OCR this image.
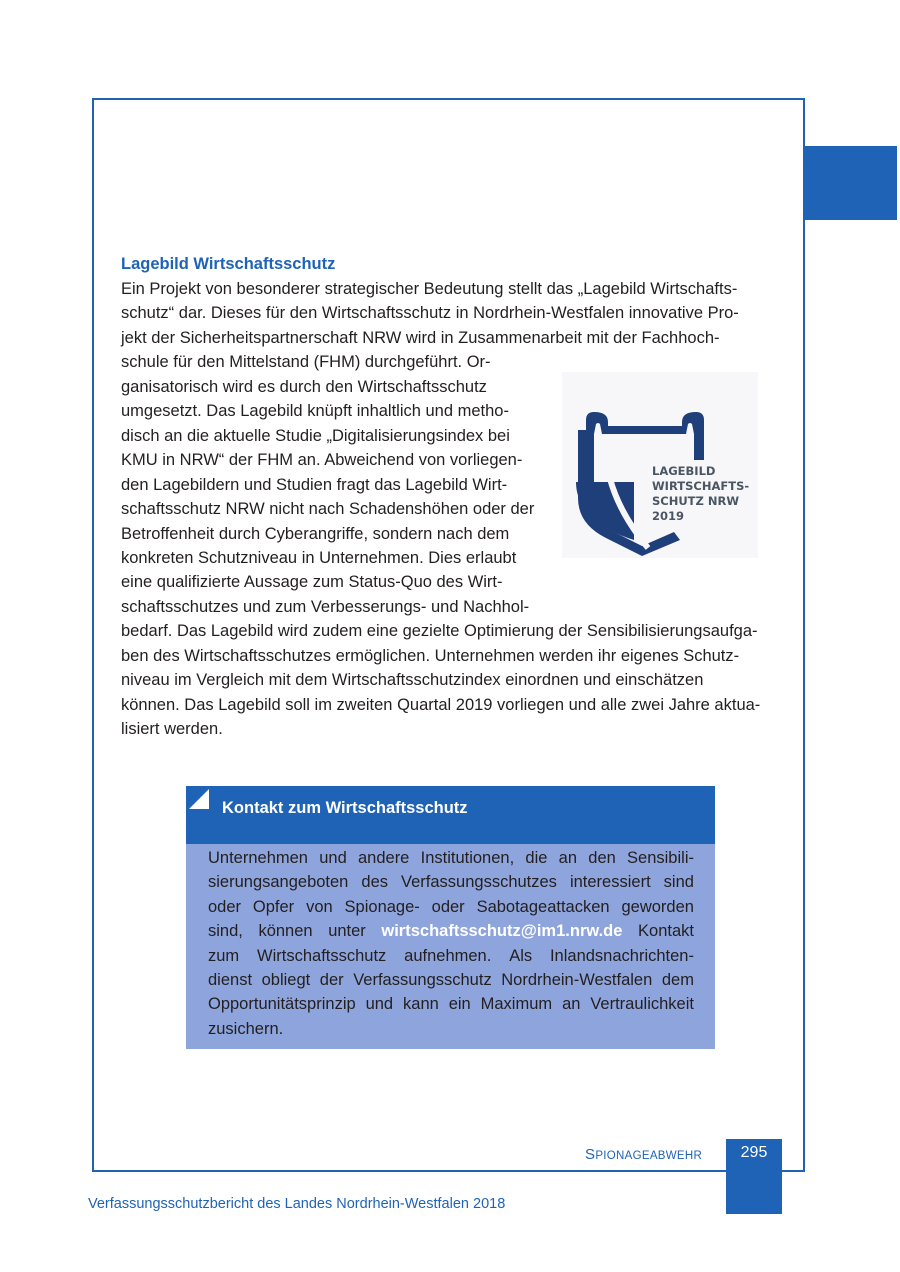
Lagebild Wirtschaftsschutz
Ein Projekt von besonderer strategischer Bedeutung stellt das „Lagebild Wirtschafts-
schutz“ dar. Dieses für den Wirtschaftsschutz in Nordrhein-Westfalen innovative Pro-
jekt der Sicherheitspartnerschaft NRW wird in Zusammenarbeit mit der Fachhoch-
schule für den Mittelstand (FHM) durchgeführt. Or-
ganisatorisch wird es durch den Wirtschaftsschutz
umgesetzt. Das Lagebild knüpft inhaltlich und metho-
disch an die aktuelle Studie „Digitalisierungsindex bei
KMU in NRW“ der FHM an. Abweichend von vorliegen-
den Lagebildern und Studien fragt das Lagebild Wirt-
schaftsschutz NRW nicht nach Schadenshöhen oder der
Betroffenheit durch Cyberangriffe, sondern nach dem
konkreten Schutzniveau in Unternehmen. Dies erlaubt
eine qualifizierte Aussage zum Status-Quo des Wirt-
schaftsschutzes und zum Verbesserungs- und Nachhol-
bedarf. Das Lagebild wird zudem eine gezielte Optimierung der Sensibilisierungsaufga-
ben des Wirtschaftsschutzes ermöglichen. Unternehmen werden ihr eigenes Schutz-
niveau im Vergleich mit dem Wirtschaftsschutzindex einordnen und einschätzen
können. Das Lagebild soll im zweiten Quartal 2019 vorliegen und alle zwei Jahre aktua-
lisiert werden.
LAGEBILD
WIRTSCHAFTS-
SCHUTZ NRW
2019
Kontakt zum Wirtschaftsschutz
Unternehmen und andere Institutionen, die an den Sensibili-
sierungsangeboten des Verfassungsschutzes interessiert sind
oder Opfer von Spionage- oder Sabotageattacken geworden
sind, können unter wirtschaftsschutz@im1.nrw.de Kontakt
zum Wirtschaftsschutz aufnehmen. Als Inlandsnachrichten-
dienst obliegt der Verfassungsschutz Nordrhein-Westfalen dem
Opportunitätsprinzip und kann ein Maximum an Vertraulichkeit
zusichern.
SPIONAGEABWEHR	295
Verfassungsschutzbericht des Landes Nordrhein-Westfalen 2018
